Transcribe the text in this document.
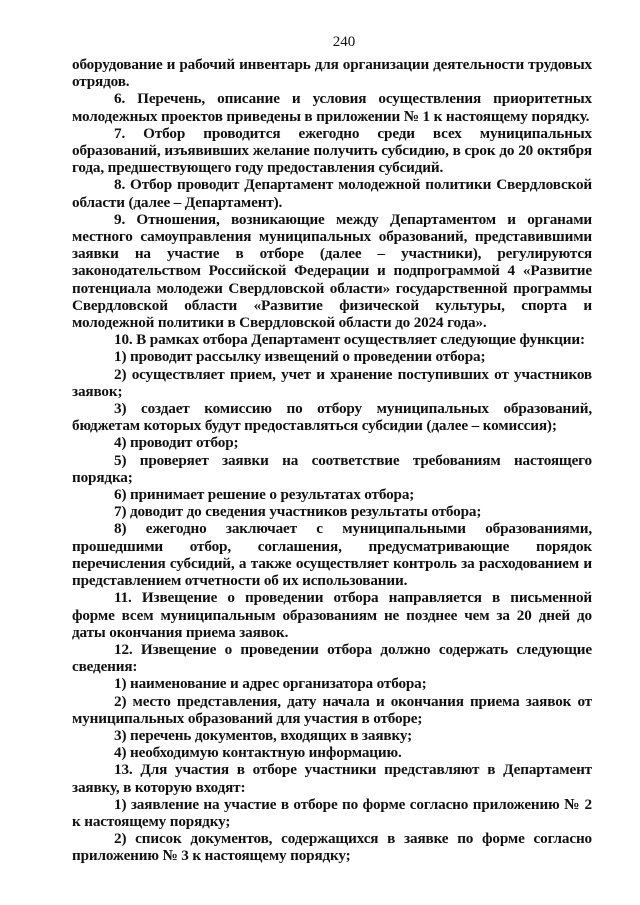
240

оборудование и рабочий инвентарь для организации деятельности трудовых отрядов.

6. Перечень, описание и условия осуществления приоритетных молодежных проектов приведены в приложении № 1 к настоящему порядку.

7. Отбор проводится ежегодно среди всех муниципальных образований, изъявивших желание получить субсидию, в срок до 20 октября года, предшествующего году предоставления субсидий.

8. Отбор проводит Департамент молодежной политики Свердловской области (далее – Департамент).

9. Отношения, возникающие между Департаментом и органами местного самоуправления муниципальных образований, представившими заявки на участие в отборе (далее – участники), регулируются законодательством Российской Федерации и подпрограммой 4 «Развитие потенциала молодежи Свердловской области» государственной программы Свердловской области «Развитие физической культуры, спорта и молодежной политики в Свердловской области до 2024 года».

10. В рамках отбора Департамент осуществляет следующие функции:

1) проводит рассылку извещений о проведении отбора;

2) осуществляет прием, учет и хранение поступивших от участников заявок;

3) создает комиссию по отбору муниципальных образований, бюджетам которых будут предоставляться субсидии (далее – комиссия);

4) проводит отбор;

5) проверяет заявки на соответствие требованиям настоящего порядка;

6) принимает решение о результатах отбора;

7) доводит до сведения участников результаты отбора;

8) ежегодно заключает с муниципальными образованиями, прошедшими отбор, соглашения, предусматривающие порядок перечисления субсидий, а также осуществляет контроль за расходованием и представлением отчетности об их использовании.

11. Извещение о проведении отбора направляется в письменной форме всем муниципальным образованиям не позднее чем за 20 дней до даты окончания приема заявок.

12. Извещение о проведении отбора должно содержать следующие сведения:

1) наименование и адрес организатора отбора;

2) место представления, дату начала и окончания приема заявок от муниципальных образований для участия в отборе;

3) перечень документов, входящих в заявку;

4) необходимую контактную информацию.

13. Для участия в отборе участники представляют в Департамент заявку, в которую входят:

1) заявление на участие в отборе по форме согласно приложению № 2 к настоящему порядку;

2) список документов, содержащихся в заявке по форме согласно приложению № 3 к настоящему порядку;
